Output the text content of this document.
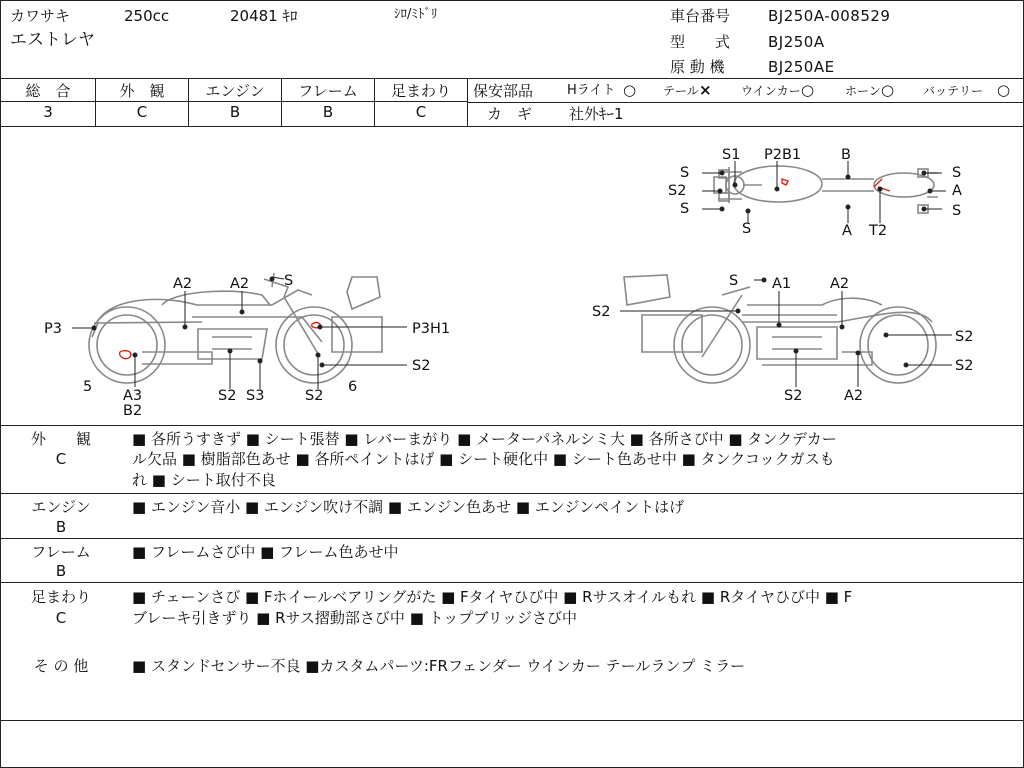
カワサキ	250cc	20481 ｷﾛ	ｼﾛ/ﾐﾄﾞﾘ
エストレヤ
車台番号	BJ250A-008529
型　　式	BJ250A
原 動 機	BJ250AE
総　合	外　観	エンジン	フレーム	足まわり
3	C	B	B	C
保安部品	Hライト ○ テール × ウインカー ○	ホーン ○ バッテリー ○
カ　ギ 社外ｷｰ1
S1 P2B1	B
S
S2
S
A
S
S
A T2
S
A2	A2 S
P3	P3H1
S2
5
A3
B2
S2 S3	S2
6
S A1	A2
S2
S2
S2
S2	A2
外　　観
C
■ 各所うすきず ■ シート張替 ■ レバーまがり ■ メーターパネルシミ大 ■ 各所さび中 ■ タンクデカー
ル欠品 ■ 樹脂部色あせ ■ 各所ペイントはげ ■ シート硬化中 ■ シート色あせ中 ■ タンクコックガスも
れ ■ シート取付不良
エンジン
B
■ エンジン音小 ■ エンジン吹け不調 ■ エンジン色あせ ■ エンジンペイントはげ
フレーム
B
■ フレームさび中 ■ フレーム色あせ中
足まわり
C
■ チェーンさび ■ Fホイールベアリングがた ■ Fタイヤひび中 ■ Rサスオイルもれ ■ Rタイヤひび中 ■ F
ブレーキ引きずり ■ Rサス摺動部さび中 ■ トップブリッジさび中
そ の 他	■ スタンドセンサー不良 ■カスタムパーツ:FRフェンダー ウインカー テールランプ ミラー
